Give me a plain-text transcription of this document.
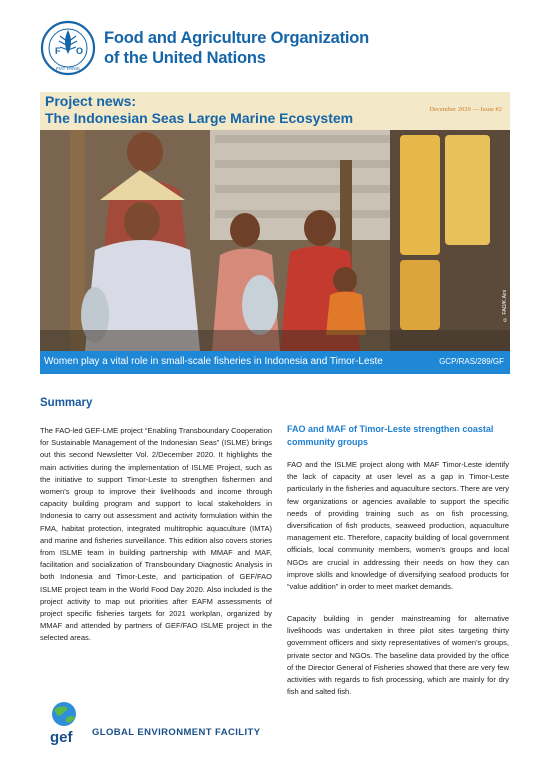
F O
A
FIAT PANIS
Food and Agriculture Organization
of the United Nations
Project news:
The Indonesian Seas Large Marine Ecosystem
December 2020 — Issue #2
© FAO/K.Aini
Women play a vital role in small-scale fisheries in Indonesia and Timor-Leste	GCP/RAS/289/GF
Summary
The FAO-led GEF-LME project “Enabling Transboundary Cooperation for Sustainable Management of the Indonesian Seas” (ISLME) brings out this second Newsletter Vol. 2/December 2020. It highlights the main activities during the implementation of ISLME Project, such as the initiative to support Timor-Leste to strengthen fishermen and women’s group to improve their livelihoods and income through capacity building program and support to local stakeholders in Indonesia to carry out assessment and activity formulation within the FMA, habitat protection, integrated multitrophic aquaculture (IMTA) and marine and fisheries surveillance. This edition also covers stories from ISLME team in building partnership with MMAF and MAF, facilitation and socialization of Transboundary Diagnostic Analysis in both Indonesia and Timor-Leste, and participation of GEF/FAO ISLME project team in the World Food Day 2020. Also included is the project activity to map out priorities after EAFM assessments of project specific fisheries targets for 2021 workplan, organized by MMAF and attended by partners of GEF/FAO ISLME project in the selected areas.
FAO and MAF of Timor-Leste strengthen coastal community groups
FAO and the ISLME project along with MAF Timor-Leste identify the lack of capacity at user level as a gap in Timor-Leste particularly in the fisheries and aquaculture sectors. There are very few organizations or agencies available to support the specific needs of providing training such as on fish processing, diversification of fish products, seaweed production, aquaculture management etc. Therefore, capacity building of local government officials, local community members, women’s groups and local NGOs are crucial in addressing their needs on how they can improve skills and knowledge of diversifying seafood products for “value addition” in order to meet market demands.
Capacity building in gender mainstreaming for alternative livelihoods was undertaken in three pilot sites targeting thirty government officers and sixty representatives of women’s groups, private sector and NGOs. The baseline data provided by the office of the Director General of Fisheries showed that there are very few activities with regards to fish processing, which are mainly for dry fish and salted fish.
gef GLOBAL ENVIRONMENT FACILITY
